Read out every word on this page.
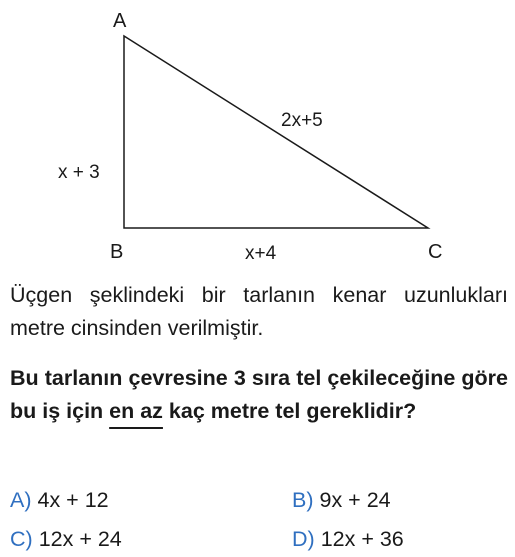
A
B	C
x + 3
2x+5
x+4
Üçgen şeklindeki bir tarlanın kenar uzunlukları metre cinsinden verilmiştir.
Bu tarlanın çevresine 3 sıra tel çekileceğine göre bu iş için en az kaç metre tel gereklidir?
A) 4x + 12	B) 9x + 24
C) 12x + 24	D) 12x + 36
